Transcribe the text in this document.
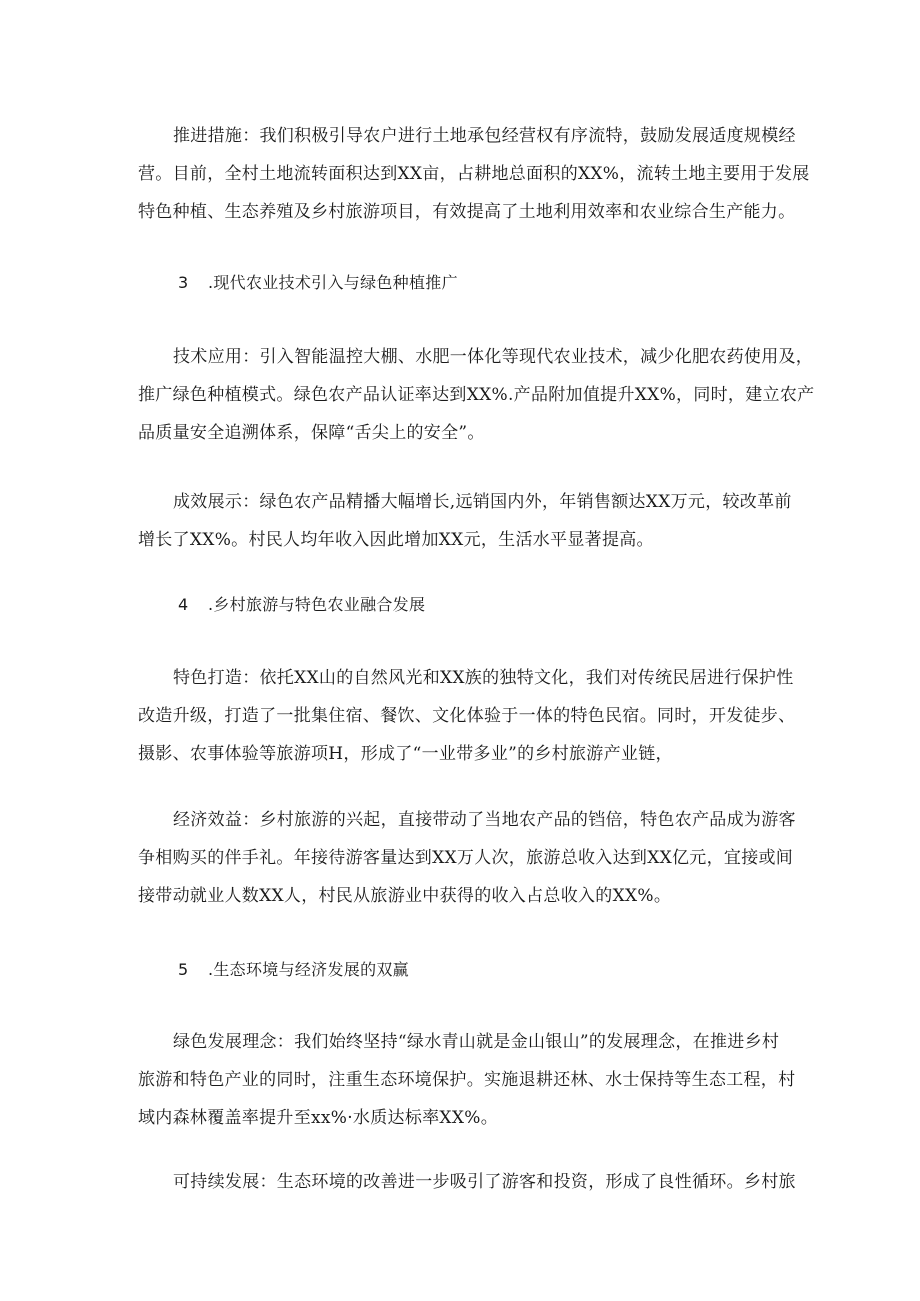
推进措施：我们积极引导农户进行土地承包经营权有序流特，鼓励发展适度规模经
营。目前，全村土地流转面积达到XX亩，占耕地总面积的XX%，流转土地主要用于发展
特色种植、生态养殖及乡村旅游项目，有效提高了土地利用效率和农业综合生产能力。
3 .现代农业技术引入与绿色种植推广
技术应用：引入智能温控大棚、水肥一体化等现代农业技术，减少化肥农药使用及，
推广绿色种植模式。绿色农产品认证率达到XX%.产品附加值提升XX%，同时，建立农产
品质量安全追溯体系，保障“舌尖上的安全”。
成效展示：绿色农产品精播大幅增长,远销国内外，年销售额达XX万元，较改革前
增长了XX%。村民人均年收入因此增加XX元，生活水平显著提高。
4 .乡村旅游与特色农业融合发展
特色打造：依托XX山的自然风光和XX族的独特文化，我们对传统民居进行保护性
改造升级，打造了一批集住宿、餐饮、文化体验于一体的特色民宿。同时，开发徒步、
摄影、农事体验等旅游项H，形成了“一业带多业”的乡村旅游产业链，
经济效益：乡村旅游的兴起，直接带动了当地农产品的铛倍，特色农产品成为游客
争相购买的伴手礼。年接待游客量达到XX万人次，旅游总收入达到XX亿元，宜接或间
接带动就业人数XX人，村民从旅游业中获得的收入占总收入的XX%。
5 .生态环境与经济发展的双赢
绿色发展理念：我们始终坚持“绿水青山就是金山银山”的发展理念，在推进乡村
旅游和特色产业的同时，注重生态环境保护。实施退耕还林、水士保持等生态工程，村
域内森林覆盖率提升至xx%·水质达标率XX%。
可持续发展：生态环境的改善进一步吸引了游客和投资，形成了良性循环。乡村旅
